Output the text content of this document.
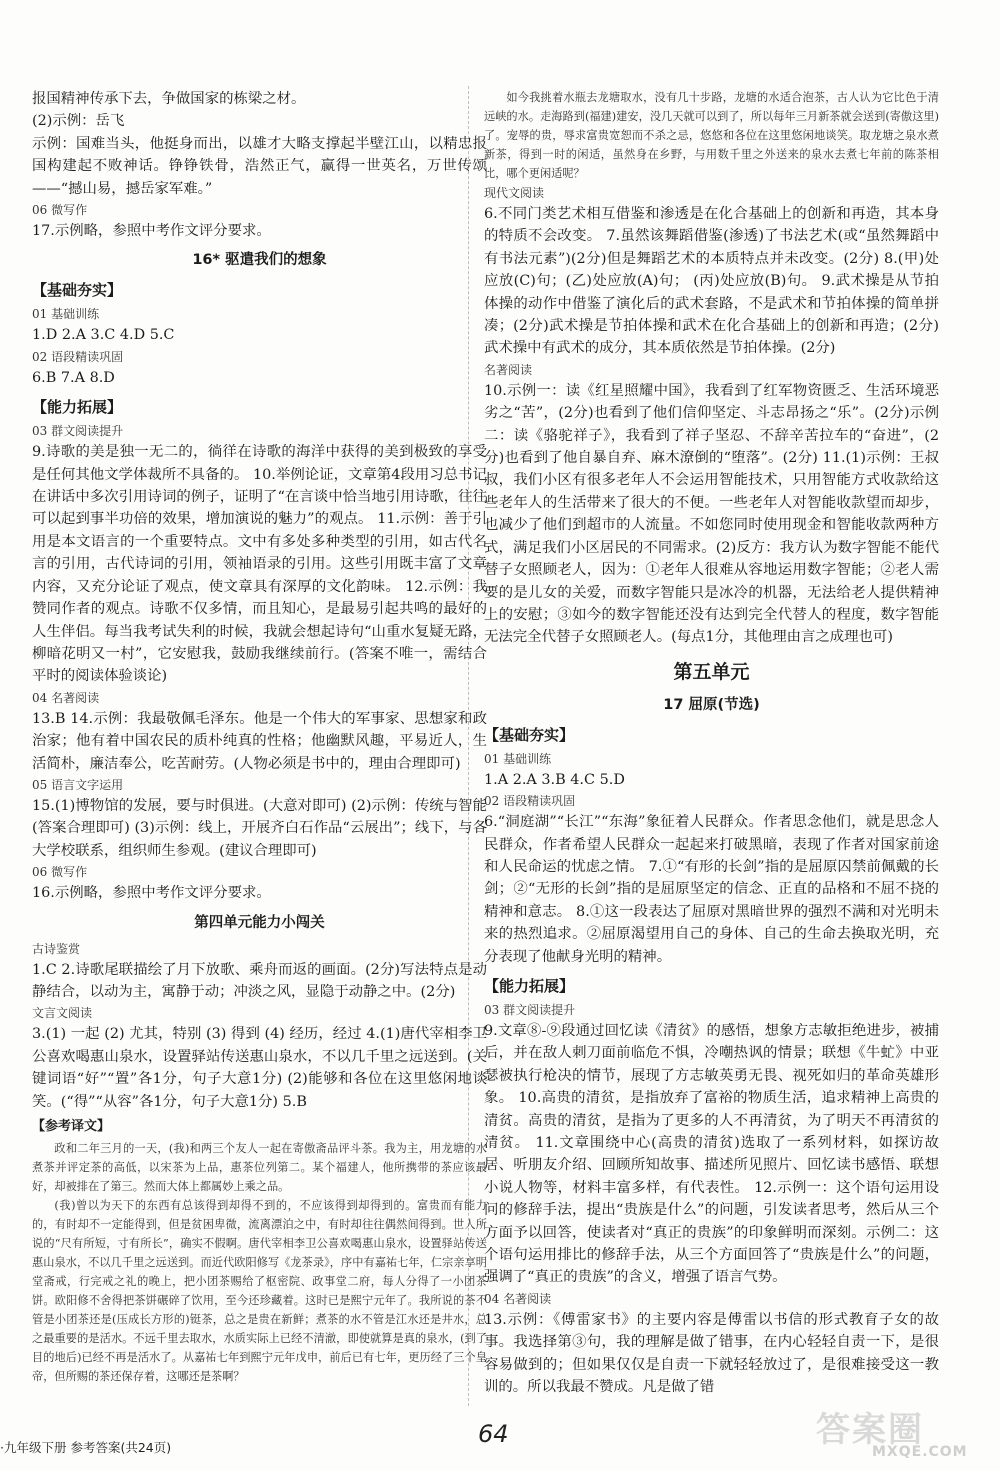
报国精神传承下去，争做国家的栋梁之材。
(2)示例：岳飞
示例：国难当头，他挺身而出，以雄才大略支撑起半壁江山，以精忠报国构建起不败神话。铮铮铁骨，浩然正气，赢得一世英名，万世传颂——“撼山易，撼岳家军难。”
06 微写作
17.示例略，参照中考作文评分要求。
16* 驱遣我们的想象
【 基础夯实 】
01 基础训练
1.D 2.A 3.C 4.D 5.C
02 语段精读巩固
6.B 7.A 8.D
【 能力拓展 】
03 群文阅读提升
9.诗歌的美是独一无二的，徜徉在诗歌的海洋中获得的美到极致的享受是任何其他文学体裁所不具备的。 10.举例论证，文章第4段用习总书记在讲话中多次引用诗词的例子，证明了“在言谈中恰当地引用诗歌，往往可以起到事半功倍的效果，增加演说的魅力”的观点。 11.示例：善于引用是本文语言的一个重要特点。文中有多处多种类型的引用，如古代名言的引用，古代诗词的引用，领袖语录的引用。这些引用既丰富了文章内容，又充分论证了观点，使文章具有深厚的文化韵味。 12.示例：我赞同作者的观点。诗歌不仅多情，而且知心，是最易引起共鸣的最好的人生伴侣。每当我考试失利的时候，我就会想起诗句“山重水复疑无路，柳暗花明又一村”，它安慰我，鼓励我继续前行。(答案不唯一，需结合平时的阅读体验谈论)
04 名著阅读
13.B 14.示例：我最敬佩毛泽东。他是一个伟大的军事家、思想家和政治家；他有着中国农民的质朴纯真的性格；他幽默风趣，平易近人，生活简朴，廉洁奉公，吃苦耐劳。(人物必须是书中的，理由合理即可)
05 语言文字运用
15.(1)博物馆的发展，要与时俱进。(大意对即可) (2)示例：传统与智能(答案合理即可) (3)示例：线上，开展齐白石作品“云展出”；线下，与各大学校联系，组织师生参观。(建议合理即可)
06 微写作
16.示例略，参照中考作文评分要求。
第四单元能力小闯关
古诗鉴赏
1.C 2.诗歌尾联描绘了月下放歌、乘舟而返的画面。(2分)写法特点是动静结合，以动为主，寓静于动；冲淡之风，显隐于动静之中。(2分)
文言文阅读
3.(1) 一起 (2) 尤其，特别 (3) 得到 (4) 经历，经过 4.(1)唐代宰相李卫公喜欢喝惠山泉水，设置驿站传送惠山泉水，不以几千里之远送到。(关键词语“好”“置”各1分，句子大意1分) (2)能够和各位在这里悠闲地谈笑。(“得”“从容”各1分，句子大意1分) 5.B
【 参考译文 】
政和二年三月的一天，(我)和两三个友人一起在寄傲斋品评斗茶。我为主，用龙塘的水煮茶并评定茶的高低，以宋茶为上品，惠茶位列第二。某个福建人，他所携带的茶应该最好，却被排在了第三。然而大体上都属妙上乘之品。
(我)曾以为天下的东西有总该得到却得不到的，不应该得到却得到的。富贵而有能力的，有时却不一定能得到，但是贫困卑微，流离漂泊之中，有时却往往偶然间得到。世人所说的“尺有所短，寸有所长”，确实不假啊。唐代宰相李卫公喜欢喝惠山泉水，设置驿站传送惠山泉水，不以几千里之远送到。而近代欧阳修写《龙茶录》，序中有嘉祐七年，仁宗亲享明堂斋戒，行完戒之礼的晚上，把小团茶赐给了枢密院、政事堂二府，每人分得了一小团茶饼。欧阳修不舍得把茶饼碾碎了饮用，至今还珍藏着。这时已是熙宁元年了。我所说的茶不管是小团茶还是(压成长方形的)铤茶，总之是贵在新鲜；煮茶的水不管是江水还是井水，总之最重要的是活水。不远千里去取水，水质实际上已经不清澈，即使就算是真的泉水，(到了目的地后)已经不再是活水了。从嘉祐七年到熙宁元年戊申，前后已有七年，更历经了三个皇帝，但所赐的茶还保存着，这哪还是茶啊？
如今我挑着水瓶去龙塘取水，没有几十步路，龙塘的水适合泡茶，古人认为它比色于清远峡的水。走海路到(福建)建安，没几天就可以到了，所以每年三月新茶就会送到(寄傲这里)了。宠辱的贵，辱求富贵宽恕而不杀之忌，悠悠和各位在这里悠闲地谈笑。取龙塘之泉水煮新茶，得到一时的闲适，虽然身在乡野，与用数千里之外送来的泉水去煮七年前的陈茶相比，哪个更闲适呢？
现代文阅读
6.不同门类艺术相互借鉴和渗透是在化合基础上的创新和再造，其本身的特质不会改变。 7.虽然该舞蹈借鉴(渗透)了书法艺术(或“虽然舞蹈中有书法元素”)(2分)但是舞蹈艺术的本质特点并未改变。(2分) 8.(甲)处应放(C)句；(乙)处应放(A)句； (丙)处应放(B)句。 9.武术操是从节拍体操的动作中借鉴了演化后的武术套路，不是武术和节拍体操的简单拼凑；(2分)武术操是节拍体操和武术在化合基础上的创新和再造；(2分)武术操中有武术的成分，其本质依然是节拍体操。(2分)
名著阅读
10.示例一：读《红星照耀中国》，我看到了红军物资匮乏、生活环境恶劣之“苦”，(2分)也看到了他们信仰坚定、斗志昂扬之“乐”。(2分)示例二：读《骆驼祥子》，我看到了祥子坚忍、不辞辛苦拉车的“奋进”，(2分)也看到了他自暴自弃、麻木潦倒的“堕落”。(2分) 11.(1)示例：王叔叔，我们小区有很多老年人不会运用智能技术，只用智能方式收款给这些老年人的生活带来了很大的不便。一些老年人对智能收款望而却步，也减少了他们到超市的人流量。不如您同时使用现金和智能收款两种方式，满足我们小区居民的不同需求。(2)反方：我方认为数字智能不能代替子女照顾老人，因为：①老年人很难从容地运用数字智能；②老人需要的是儿女的关爱，而数字智能只是冰冷的机器，无法给老人提供精神上的安慰；③如今的数字智能还没有达到完全代替人的程度，数字智能无法完全代替子女照顾老人。(每点1分，其他理由言之成理也可)
第五单元
17 屈原(节选)
【 基础夯实 】
01 基础训练
1.A 2.A 3.B 4.C 5.D
02 语段精读巩固
6.“洞庭湖”“长江”“东海”象征着人民群众。作者思念他们，就是思念人民群众，作者希望人民群众一起起来打破黑暗，表现了作者对国家前途和人民命运的忧虑之情。 7.①“有形的长剑”指的是屈原囚禁前佩戴的长剑；②“无形的长剑”指的是屈原坚定的信念、正直的品格和不屈不挠的精神和意志。 8.①这一段表达了屈原对黑暗世界的强烈不满和对光明未来的热烈追求。②屈原渴望用自己的身体、自己的生命去换取光明，充分表现了他献身光明的精神。
【 能力拓展 】
03 群文阅读提升
9.文章⑧-⑨段通过回忆读《清贫》的感悟，想象方志敏拒绝进步，被捕后，并在敌人刺刀面前临危不惧，冷嘲热讽的情景；联想《牛虻》中亚瑟被执行枪决的情节，展现了方志敏英勇无畏、视死如归的革命英雄形象。 10.高贵的清贫，是指放弃了富裕的物质生活，追求精神上高贵的清贫。高贵的清贫，是指为了更多的人不再清贫，为了明天不再清贫的清贫。 11.文章围绕中心(高贵的清贫)选取了一系列材料，如探访故居、听朋友介绍、回顾所知故事、描述所见照片、回忆读书感悟、联想小说人物等，材料丰富多样，有代表性。 12.示例一：这个语句运用设问的修辞手法，提出“贵族是什么”的问题，引发读者思考，然后从三个方面予以回答，使读者对“真正的贵族”的印象鲜明而深刻。示例二：这个语句运用排比的修辞手法，从三个方面回答了“贵族是什么”的问题，强调了“真正的贵族”的含义，增强了语言气势。
04 名著阅读
13.示例：《傅雷家书》的主要内容是傅雷以书信的形式教育子女的故事。我选择第③句，我的理解是做了错事，在内心轻轻自责一下，是很容易做到的；但如果仅仅是自责一下就轻轻放过了，是很难接受这一教训的。所以我最不赞成。凡是做了错
·九年级下册 参考答案(共24页)	64	答案圈
MXQE.COM
